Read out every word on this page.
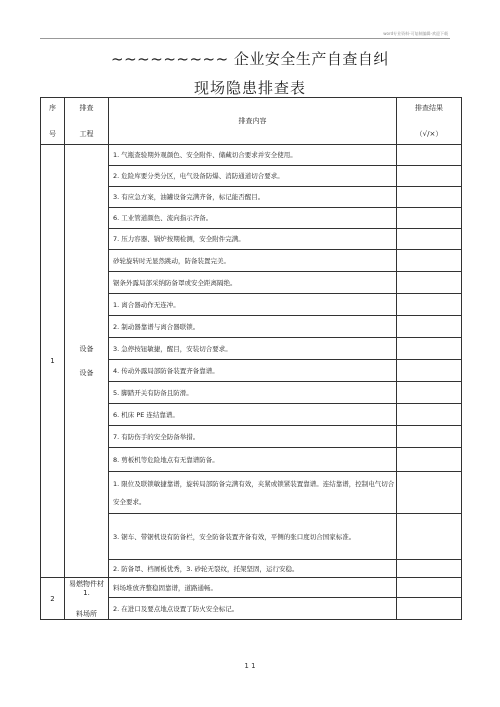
word专业资料-可复制编辑-欢迎下载
~~~~~~~~~ 企业安全生产自查自纠
现场隐患排查表
序
号	排查
工程	排查内容	排查结果
（√/×）

1	设备
设备	1. 气瓶查验期外观颜色、安全附件、储藏切合要求并安全使用。	
		2. 危险库要分类分区，电气设备防爆、消防通道切合要求。	
		3. 有应急方案，油罐设备完满齐备，标记能否醒目。	
		6. 工业管道颜色、流向指示齐备。	
		7. 压力容器、锅炉按期检测，安全附件完满。	
		砂轮旋转时无显然跳动，防备装置完美。	
		锯条外露局部采纳防备罩或安全距离隔绝。	
		1. 离合器动作无连冲。	
		2. 制动器靠谱与离合器联锁。	
		3. 急停按钮敏捷，醒目，安装切合要求。	
		4. 传动外露局部防备装置齐备靠谱。	
		5. 脚踏开关有防备且防滑。	
		6. 机床 PE 连结靠谱。	
		7. 有防伤手的安全防备举措。	
		8. 剪板机等危险地点有无靠谱防备。	
		1. 限位及联锁敏捷靠谱，旋转局部防备完满有效，夹紧或锁紧装置靠谱。连结靠谱，控制电气切合安全要求。	
		3. 锯车、带锯机设有防备栏，安全防备装置齐备有效，平侧的张口度切合国家标准。	
		2. 防备罩、档屑板优秀，3. 砂轮无裂纹，托架坚固，运行安稳。	
2	易燃物件材 1.
料场所	料场堆放齐整稳固靠谱，道路通畅。	
		2. 在进口及要点地点设置了防火安全标记。	
1 1
